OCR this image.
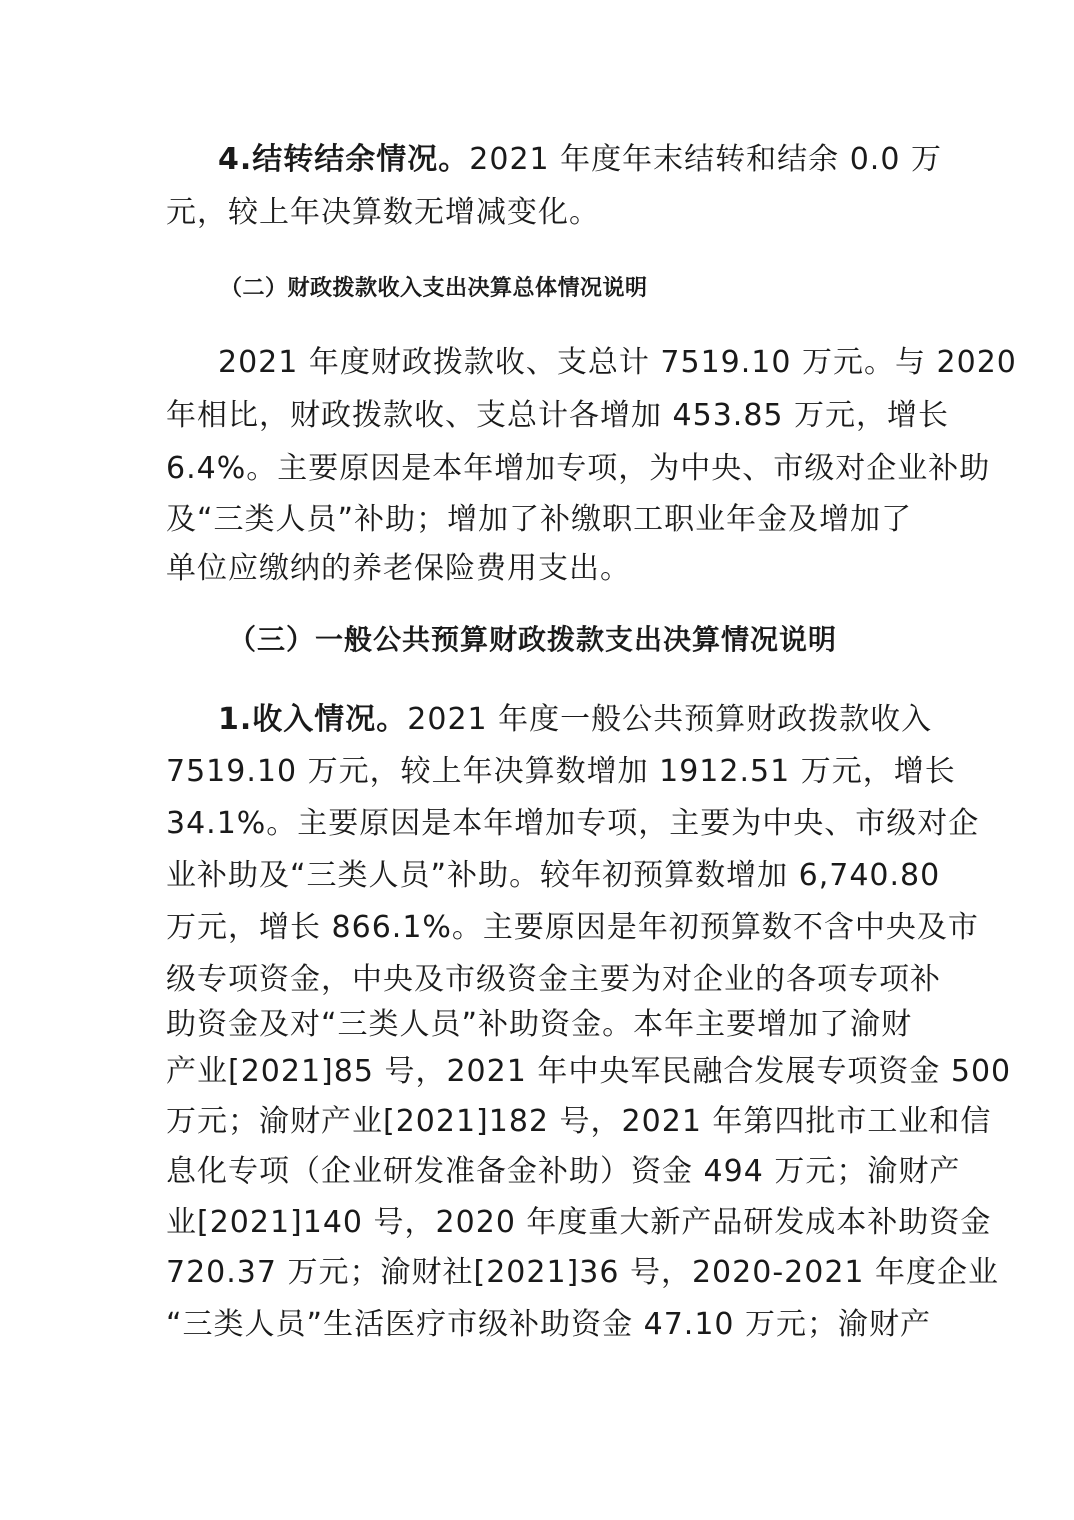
4.结转结余情况。2021 年度年末结转和结余 0.0 万
元，较上年决算数无增减变化。
（二）财政拨款收入支出决算总体情况说明
2021 年度财政拨款收、支总计 7519.10 万元。与 2020
年相比，财政拨款收、支总计各增加 453.85 万元，增长
6.4%。主要原因是本年增加专项，为中央、市级对企业补助
及“三类人员”补助；增加了补缴职工职业年金及增加了
单位应缴纳的养老保险费用支出。
（三）一般公共预算财政拨款支出决算情况说明
1.收入情况。2021 年度一般公共预算财政拨款收入
7519.10 万元，较上年决算数增加 1912.51 万元，增长
34.1%。主要原因是本年增加专项，主要为中央、市级对企
业补助及“三类人员”补助。较年初预算数增加 6,740.80
万元，增长 866.1%。主要原因是年初预算数不含中央及市
级专项资金，中央及市级资金主要为对企业的各项专项补
助资金及对“三类人员”补助资金。本年主要增加了渝财
产业[2021]85 号，2021 年中央军民融合发展专项资金 500
万元；渝财产业[2021]182 号，2021 年第四批市工业和信
息化专项（企业研发准备金补助）资金 494 万元；渝财产
业[2021]140 号，2020 年度重大新产品研发成本补助资金
720.37 万元；渝财社[2021]36 号，2020-2021 年度企业
“三类人员”生活医疗市级补助资金 47.10 万元；渝财产
